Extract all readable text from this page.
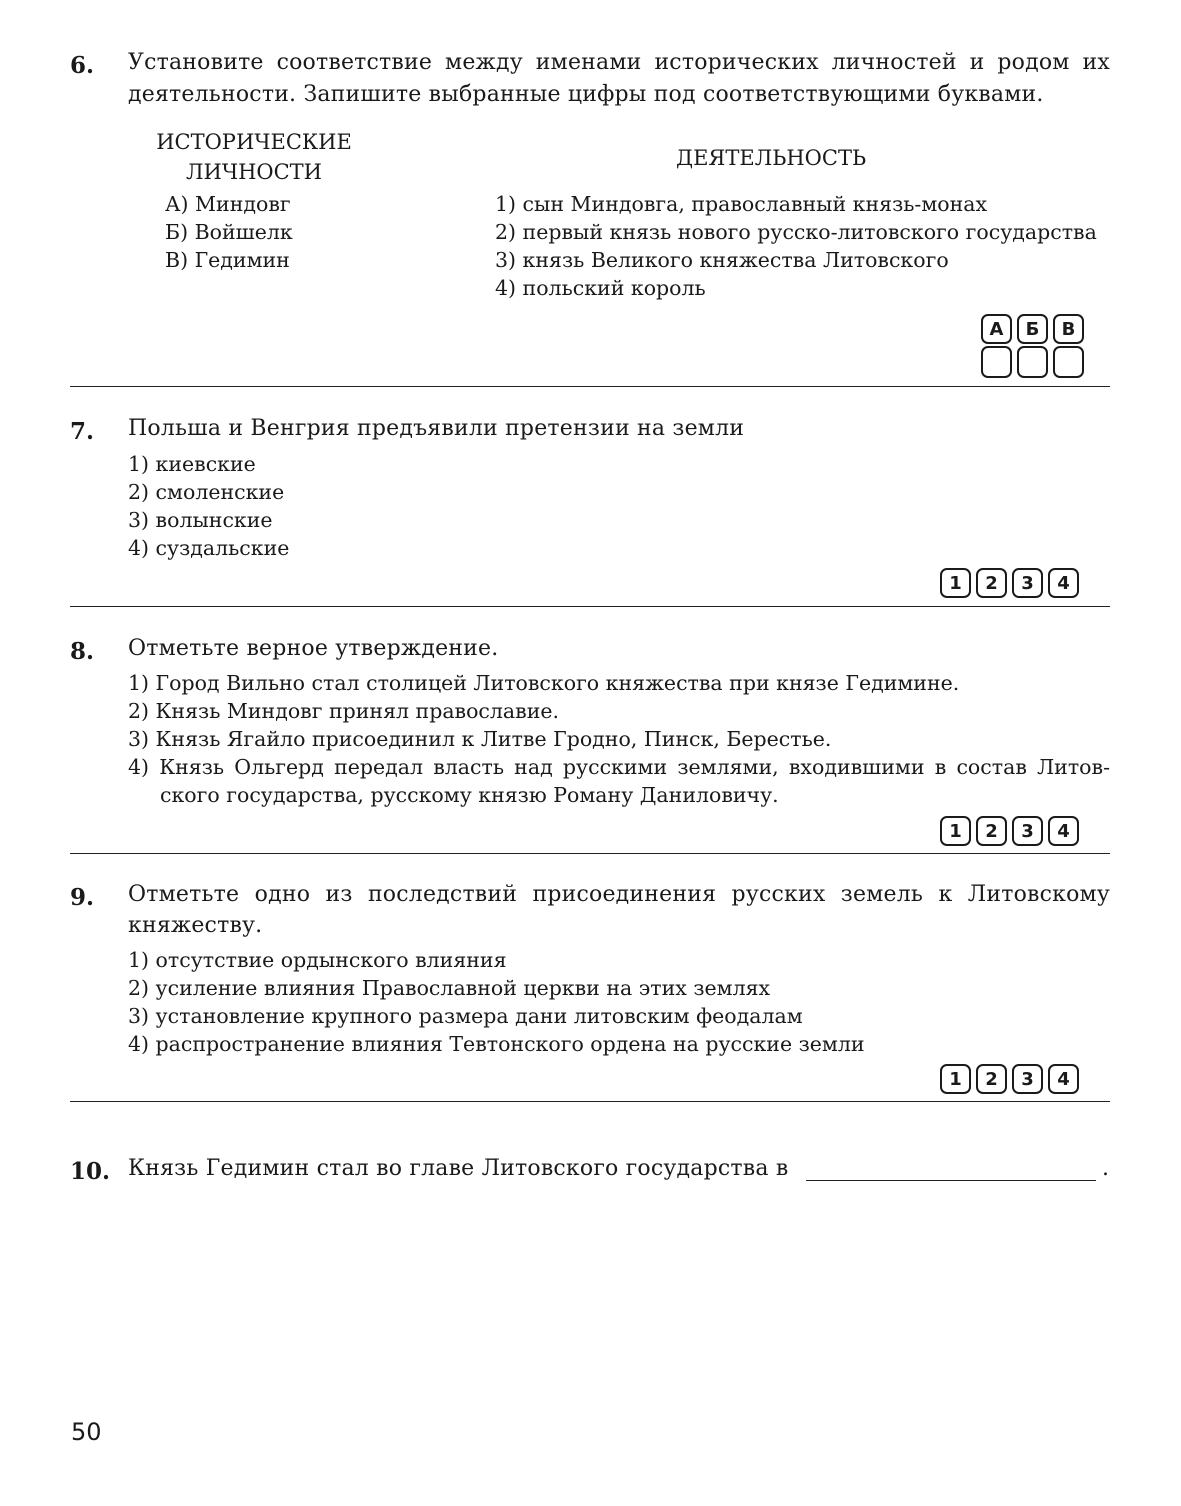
6. Установите соответствие между именами исторических личностей и родом их
деятельности. Запишите выбранные цифры под соответствующими буквами.
ИСТОРИЧЕСКИЕ
ЛИЧНОСТИ
ДЕЯТЕЛЬНОСТЬ
А) Миндовг
Б) Войшелк
В) Гедимин
1) сын Миндовга, православный князь-монах
2) первый князь нового русско-литовского государства
3) князь Великого княжества Литовского
4) польский король
А	Б	В
7. Польша и Венгрия предъявили претензии на земли
1) киевские
2) смоленские
3) волынские
4) суздальские
1	2	3	4
8. Отметьте верное утверждение.
1) Город Вильно стал столицей Литовского княжества при князе Гедимине.
2) Князь Миндовг принял православие.
3) Князь Ягайло присоединил к Литве Гродно, Пинск, Берестье.
4) Князь Ольгерд передал власть над русскими землями, входившими в состав Литов-
ского государства, русскому князю Роману Даниловичу.
1	2	3	4
9. Отметьте одно из последствий присоединения русских земель к Литовскому
княжеству.
1) отсутствие ордынского влияния
2) усиление влияния Православной церкви на этих землях
3) установление крупного размера дани литовским феодалам
4) распространение влияния Тевтонского ордена на русские земли
1	2	3	4
10. Князь Гедимин стал во главе Литовского государства в	.
50
